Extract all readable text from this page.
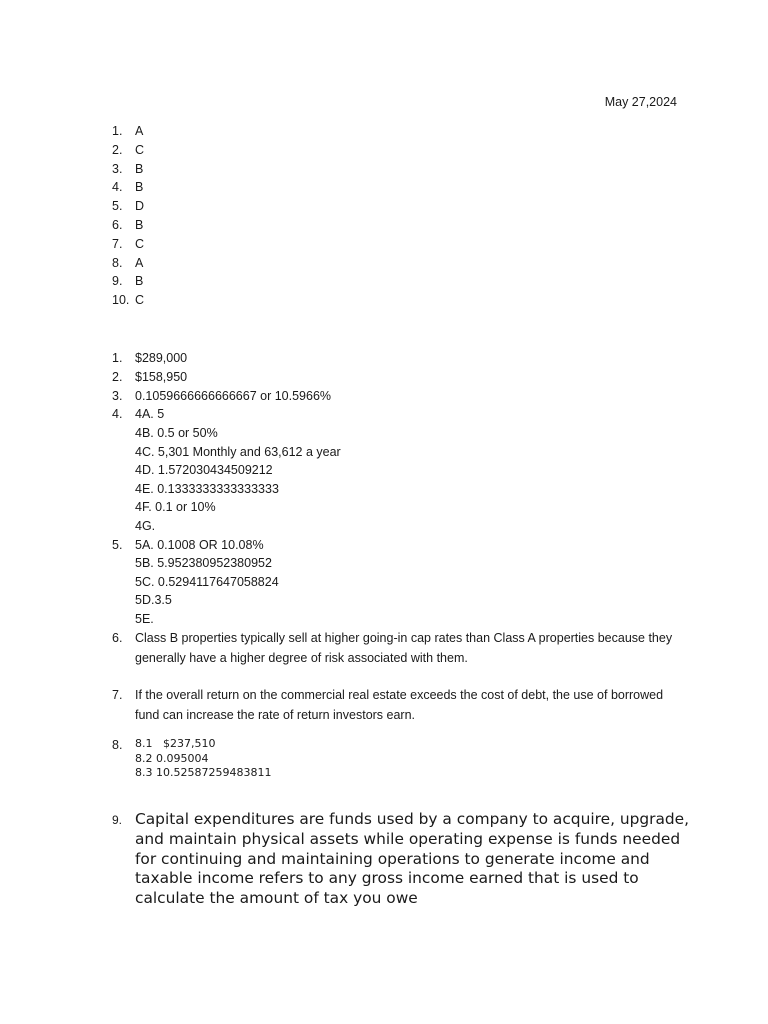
May 27,2024
1.	A
2.	C
3.	B
4.	B
5.	D
6.	B
7.	C
8.	A
9.	B
10. C
1.	$289,000
2.	$158,950
3.	0.1059666666666667 or 10.5966%
4.	4A. 5
4B. 0.5 or 50%
4C. 5,301 Monthly and 63,612 a year
4D. 1.572030434509212
4E. 0.1333333333333333
4F. 0.1 or 10%
4G.
5.	5A. 0.1008 OR 10.08%
5B. 5.952380952380952
5C. 0.5294117647058824
5D.3.5
5E.
6.	Class B properties typically sell at higher going-in cap rates than Class A properties because they generally have a higher degree of risk associated with them.
7.	If the overall return on the commercial real estate exceeds the cost of debt, the use of borrowed fund can increase the rate of return investors earn.
8.	8.1   $237,510
8.2 0.095004
8.3 10.52587259483811
9. Capital expenditures are funds used by a company to acquire, upgrade, and maintain physical assets while operating expense is funds needed for continuing and maintaining operations to generate income and taxable income refers to any gross income earned that is used to calculate the amount of tax you owe
